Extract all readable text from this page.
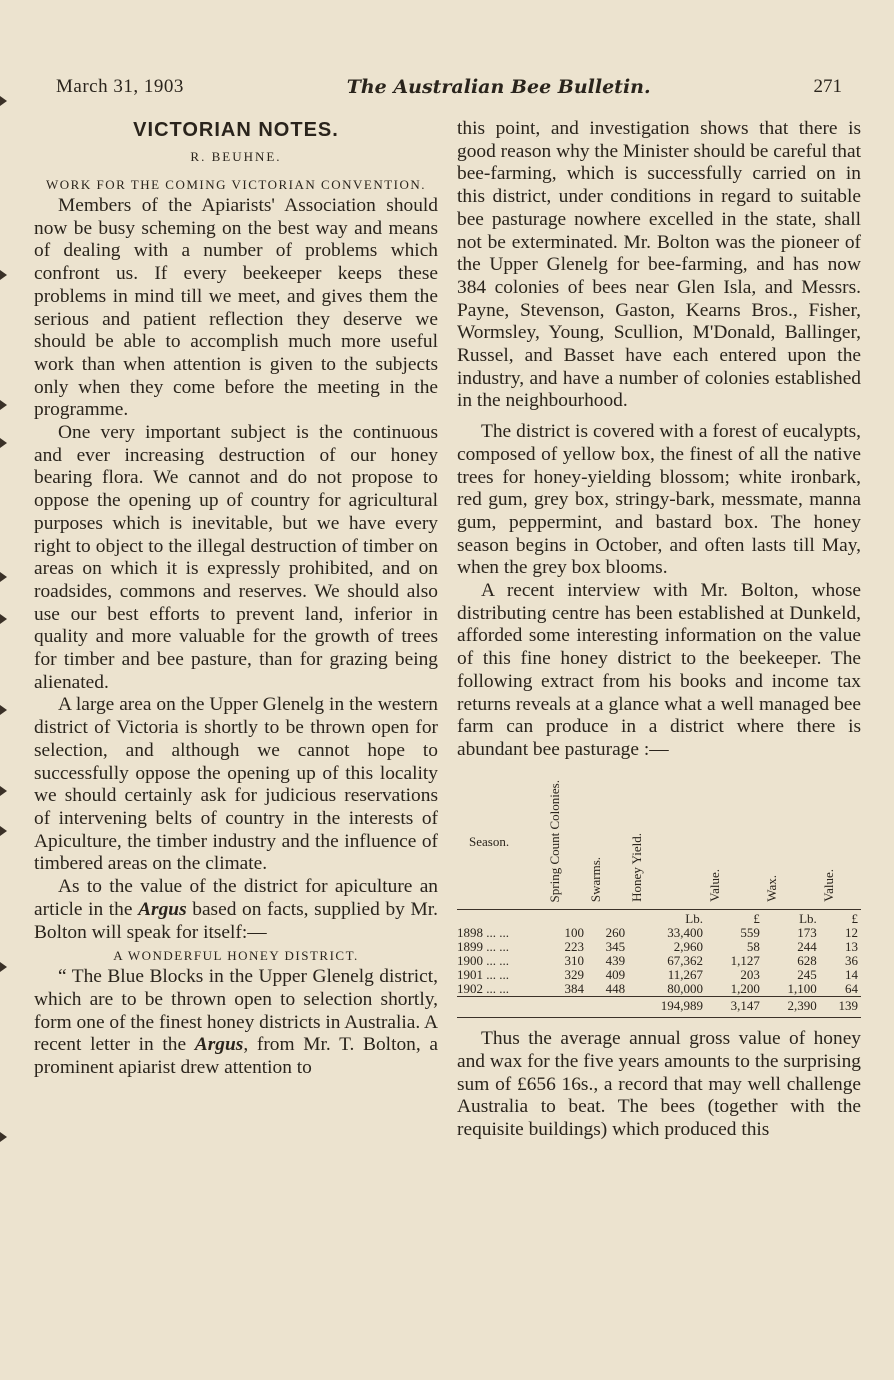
March 31, 1903	The Australian Bee Bulletin.	271
VICTORIAN NOTES.
R. BEUHNE.
WORK FOR THE COMING VICTORIAN CONVENTION.

Members of the Apiarists' Association should now be busy scheming on the best way and means of dealing with a number of problems which confront us. If every beekeeper keeps these problems in mind till we meet, and gives them the serious and patient reflection they deserve we should be able to accomplish much more useful work than when attention is given to the subjects only when they come before the meeting in the programme.

One very important subject is the continuous and ever increasing destruction of our honey bearing flora. We cannot and do not propose to oppose the opening up of country for agricultural purposes which is inevitable, but we have every right to object to the illegal destruction of timber on areas on which it is expressly prohibited, and on roadsides, commons and reserves. We should also use our best efforts to prevent land, inferior in quality and more valuable for the growth of trees for timber and bee pasture, than for grazing being alienated.

A large area on the Upper Glenelg in the western district of Victoria is shortly to be thrown open for selection, and although we cannot hope to successfully oppose the opening up of this locality we should certainly ask for judicious reservations of intervening belts of country in the interests of Apiculture, the timber industry and the influence of timbered areas on the climate.

As to the value of the district for apiculture an article in the Argus based on facts, supplied by Mr. Bolton will speak for itself:—

A WONDERFUL HONEY DISTRICT.

“ The Blue Blocks in the Upper Glenelg district, which are to be thrown open to selection shortly, form one of the finest honey districts in Australia. A recent letter in the Argus, from Mr. T. Bolton, a prominent apiarist drew attention to

this point, and investigation shows that there is good reason why the Minister should be careful that bee-farming, which is successfully carried on in this district, under conditions in regard to suitable bee pasturage nowhere excelled in the state, shall not be exterminated. Mr. Bolton was the pioneer of the Upper Glenelg for bee-farming, and has now 384 colonies of bees near Glen Isla, and Messrs. Payne, Stevenson, Gaston, Kearns Bros., Fisher, Wormsley, Young, Scullion, M'Donald, Ballinger, Russel, and Basset have each entered upon the industry, and have a number of colonies established in the neighbourhood.

The district is covered with a forest of eucalypts, composed of yellow box, the finest of all the native trees for honey-yielding blossom; white ironbark, red gum, grey box, stringy-bark, messmate, manna gum, peppermint, and bastard box. The honey season begins in October, and often lasts till May, when the grey box blooms.

A recent interview with Mr. Bolton, whose distributing centre has been established at Dunkeld, afforded some interesting information on the value of this fine honey district to the beekeeper. The following extract from his books and income tax returns reveals at a glance what a well managed bee farm can produce in a district where there is abundant bee pasturage :—

Season.	Spring Count Colonies.	Swarms.	Honey Yield.	Value.	Wax.	Value.
			Lb.	£	Lb.	£
1898 ... ...	100	260	33,400	559	173	12
1899 ... ...	223	345	2,960	58	244	13
1900 ... ...	310	439	67,362	1,127	628	36
1901 ... ...	329	409	11,267	203	245	14
1902 ... ...	384	448	80,000	1,200	1,100	64
			194,989	3,147	2,390	139

Thus the average annual gross value of honey and wax for the five years amounts to the surprising sum of £656 16s., a record that may well challenge Australia to beat. The bees (together with the requisite buildings) which produced this
